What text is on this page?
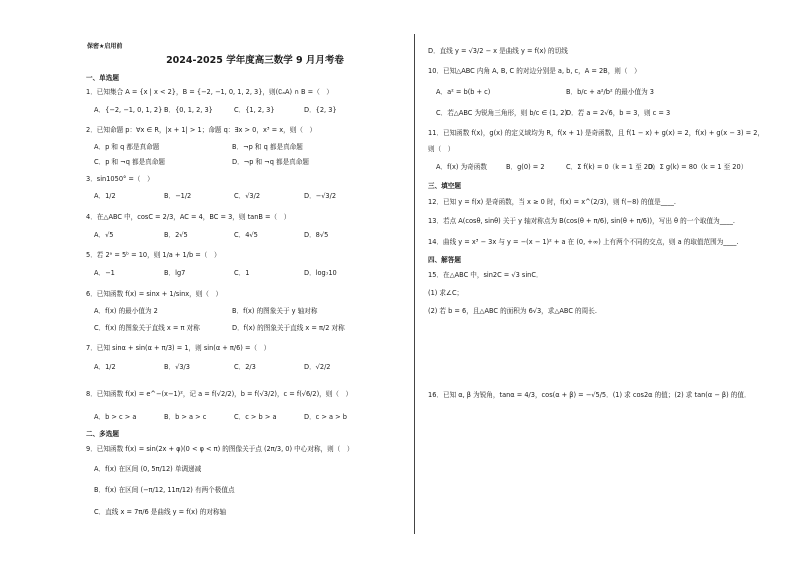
保密★启用前
2024-2025 学年度高三数学 9 月月考卷
一、单选题
1．已知集合 A = {x | x < 2}，B = {−2, −1, 0, 1, 2, 3}，则(∁ₐA) ∩ B =（　）
A．{−2, −1, 0, 1, 2} B．{0, 1, 2, 3}	C．{1, 2, 3}	D．{2, 3}
2．已知命题 p：∀x ∈ R，|x + 1| > 1；命题 q：∃x > 0，x³ = x，则（　）
A．p 和 q 都是真命题	B．¬p 和 q 都是真命题
C．p 和 ¬q 都是真命题	D．¬p 和 ¬q 都是真命题
3．sin1050° =（　）
A．1/2	B．−1/2	C．√3/2	D．−√3/2
4．在△ABC 中，cosC = 2/3，AC = 4，BC = 3，则 tanB =（　）
A．√5	B．2√5	C．4√5	D．8√5
5．若 2ᵃ = 5ᵇ = 10，则 1/a + 1/b =（　）
A．−1	B．lg7	C．1	D．log₇10
6．已知函数 f(x) = sinx + 1/sinx，则（　）
A．f(x) 的最小值为 2	B．f(x) 的图象关于 y 轴对称
C．f(x) 的图象关于直线 x = π 对称	D．f(x) 的图象关于直线 x = π/2 对称
7．已知 sinα + sin(α + π/3) = 1，则 sin(α + π/6) =（　）
A．1/2	B．√3/3	C．2/3	D．√2/2
8．已知函数 f(x) = e^−(x−1)²，记 a = f(√2/2)，b = f(√3/2)，c = f(√6/2)，则（　）
A．b > c > a	B．b > a > c	C．c > b > a	D．c > a > b
二、多选题
9．已知函数 f(x) = sin(2x + φ)(0 < φ < π) 的图像关于点 (2π/3, 0) 中心对称，则（　）
A．f(x) 在区间 (0, 5π/12) 单调递减
B．f(x) 在区间 (−π/12, 11π/12) 有两个极值点
C．直线 x = 7π/6 是曲线 y = f(x) 的对称轴
D．直线 y = √3/2 − x 是曲线 y = f(x) 的切线
10．已知△ABC 内角 A, B, C 的对边分别是 a, b, c，A = 2B，则（　）
A．a² = b(b + c)	B．b/c + a²/b² 的最小值为 3
C．若△ABC 为锐角三角形，则 b/c ∈ (1, 2)
D．若 a = 2√6，b = 3，则 c = 3
11．已知函数 f(x)，g(x) 的定义域均为 R，f(x + 1) 是奇函数，且 f(1 − x) + g(x) = 2，f(x) + g(x − 3) = 2，
则（　）
A．f(x) 为奇函数	B．g(0) = 2	C．Σ f(k) = 0（k = 1 至 20）
D．Σ g(k) = 80（k = 1 至 20）
三、填空题
12．已知 y = f(x) 是奇函数，当 x ≥ 0 时，f(x) = x^(2/3)，则 f(−8) 的值是____.
13．若点 A(cosθ, sinθ) 关于 y 轴对称点为 B(cos(θ + π/6), sin(θ + π/6))，写出 θ 的一个取值为____.
14．曲线 y = x³ − 3x 与 y = −(x − 1)² + a 在 (0, +∞) 上有两个不同的交点，则 a 的取值范围为____.
四、解答题
15．在△ABC 中，sin2C = √3 sinC．
(1) 求∠C；
(2) 若 b = 6，且△ABC 的面积为 6√3，求△ABC 的周长.
16．已知 α, β 为锐角，tanα = 4/3，cos(α + β) = −√5/5．(1) 求 cos2α 的值；(2) 求 tan(α − β) 的值．
